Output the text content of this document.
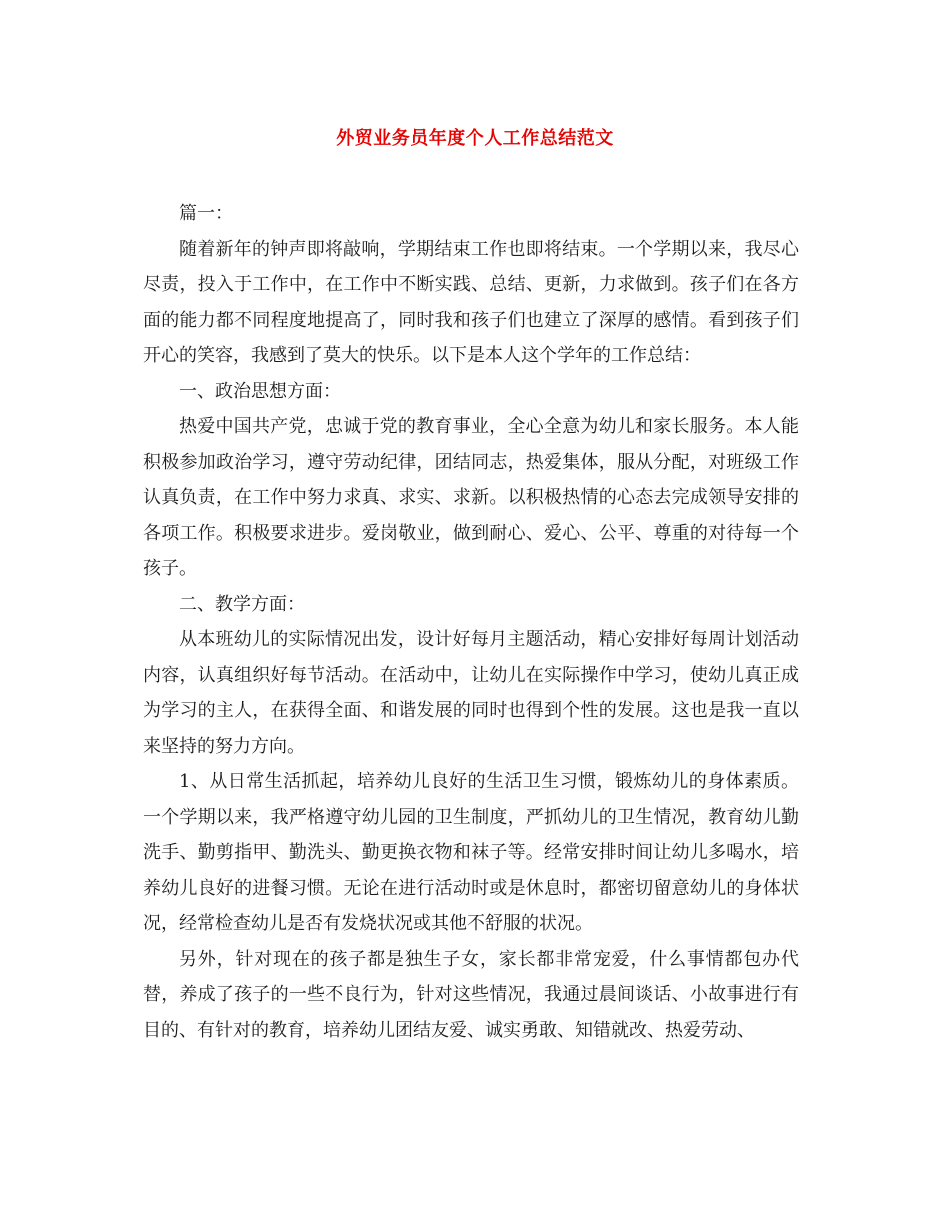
外贸业务员年度个人工作总结范文

篇一：

随着新年的钟声即将敲响，学期结束工作也即将结束。一个学期以来，我尽心尽责，投入于工作中，在工作中不断实践、总结、更新，力求做到。孩子们在各方面的能力都不同程度地提高了，同时我和孩子们也建立了深厚的感情。看到孩子们开心的笑容，我感到了莫大的快乐。以下是本人这个学年的工作总结：

一、政治思想方面：

热爱中国共产党，忠诚于党的教育事业，全心全意为幼儿和家长服务。本人能积极参加政治学习，遵守劳动纪律，团结同志，热爱集体，服从分配，对班级工作认真负责，在工作中努力求真、求实、求新。以积极热情的心态去完成领导安排的各项工作。积极要求进步。爱岗敬业，做到耐心、爱心、公平、尊重的对待每一个孩子。

二、教学方面：

从本班幼儿的实际情况出发，设计好每月主题活动，精心安排好每周计划活动内容，认真组织好每节活动。在活动中，让幼儿在实际操作中学习，使幼儿真正成为学习的主人，在获得全面、和谐发展的同时也得到个性的发展。这也是我一直以来坚持的努力方向。

1、从日常生活抓起，培养幼儿良好的生活卫生习惯，锻炼幼儿的身体素质。一个学期以来，我严格遵守幼儿园的卫生制度，严抓幼儿的卫生情况，教育幼儿勤洗手、勤剪指甲、勤洗头、勤更换衣物和袜子等。经常安排时间让幼儿多喝水，培养幼儿良好的进餐习惯。无论在进行活动时或是休息时，都密切留意幼儿的身体状况，经常检查幼儿是否有发烧状况或其他不舒服的状况。

另外，针对现在的孩子都是独生子女，家长都非常宠爱，什么事情都包办代替，养成了孩子的一些不良行为，针对这些情况，我通过晨间谈话、小故事进行有目的、有针对的教育，培养幼儿团结友爱、诚实勇敢、知错就改、热爱劳动、
